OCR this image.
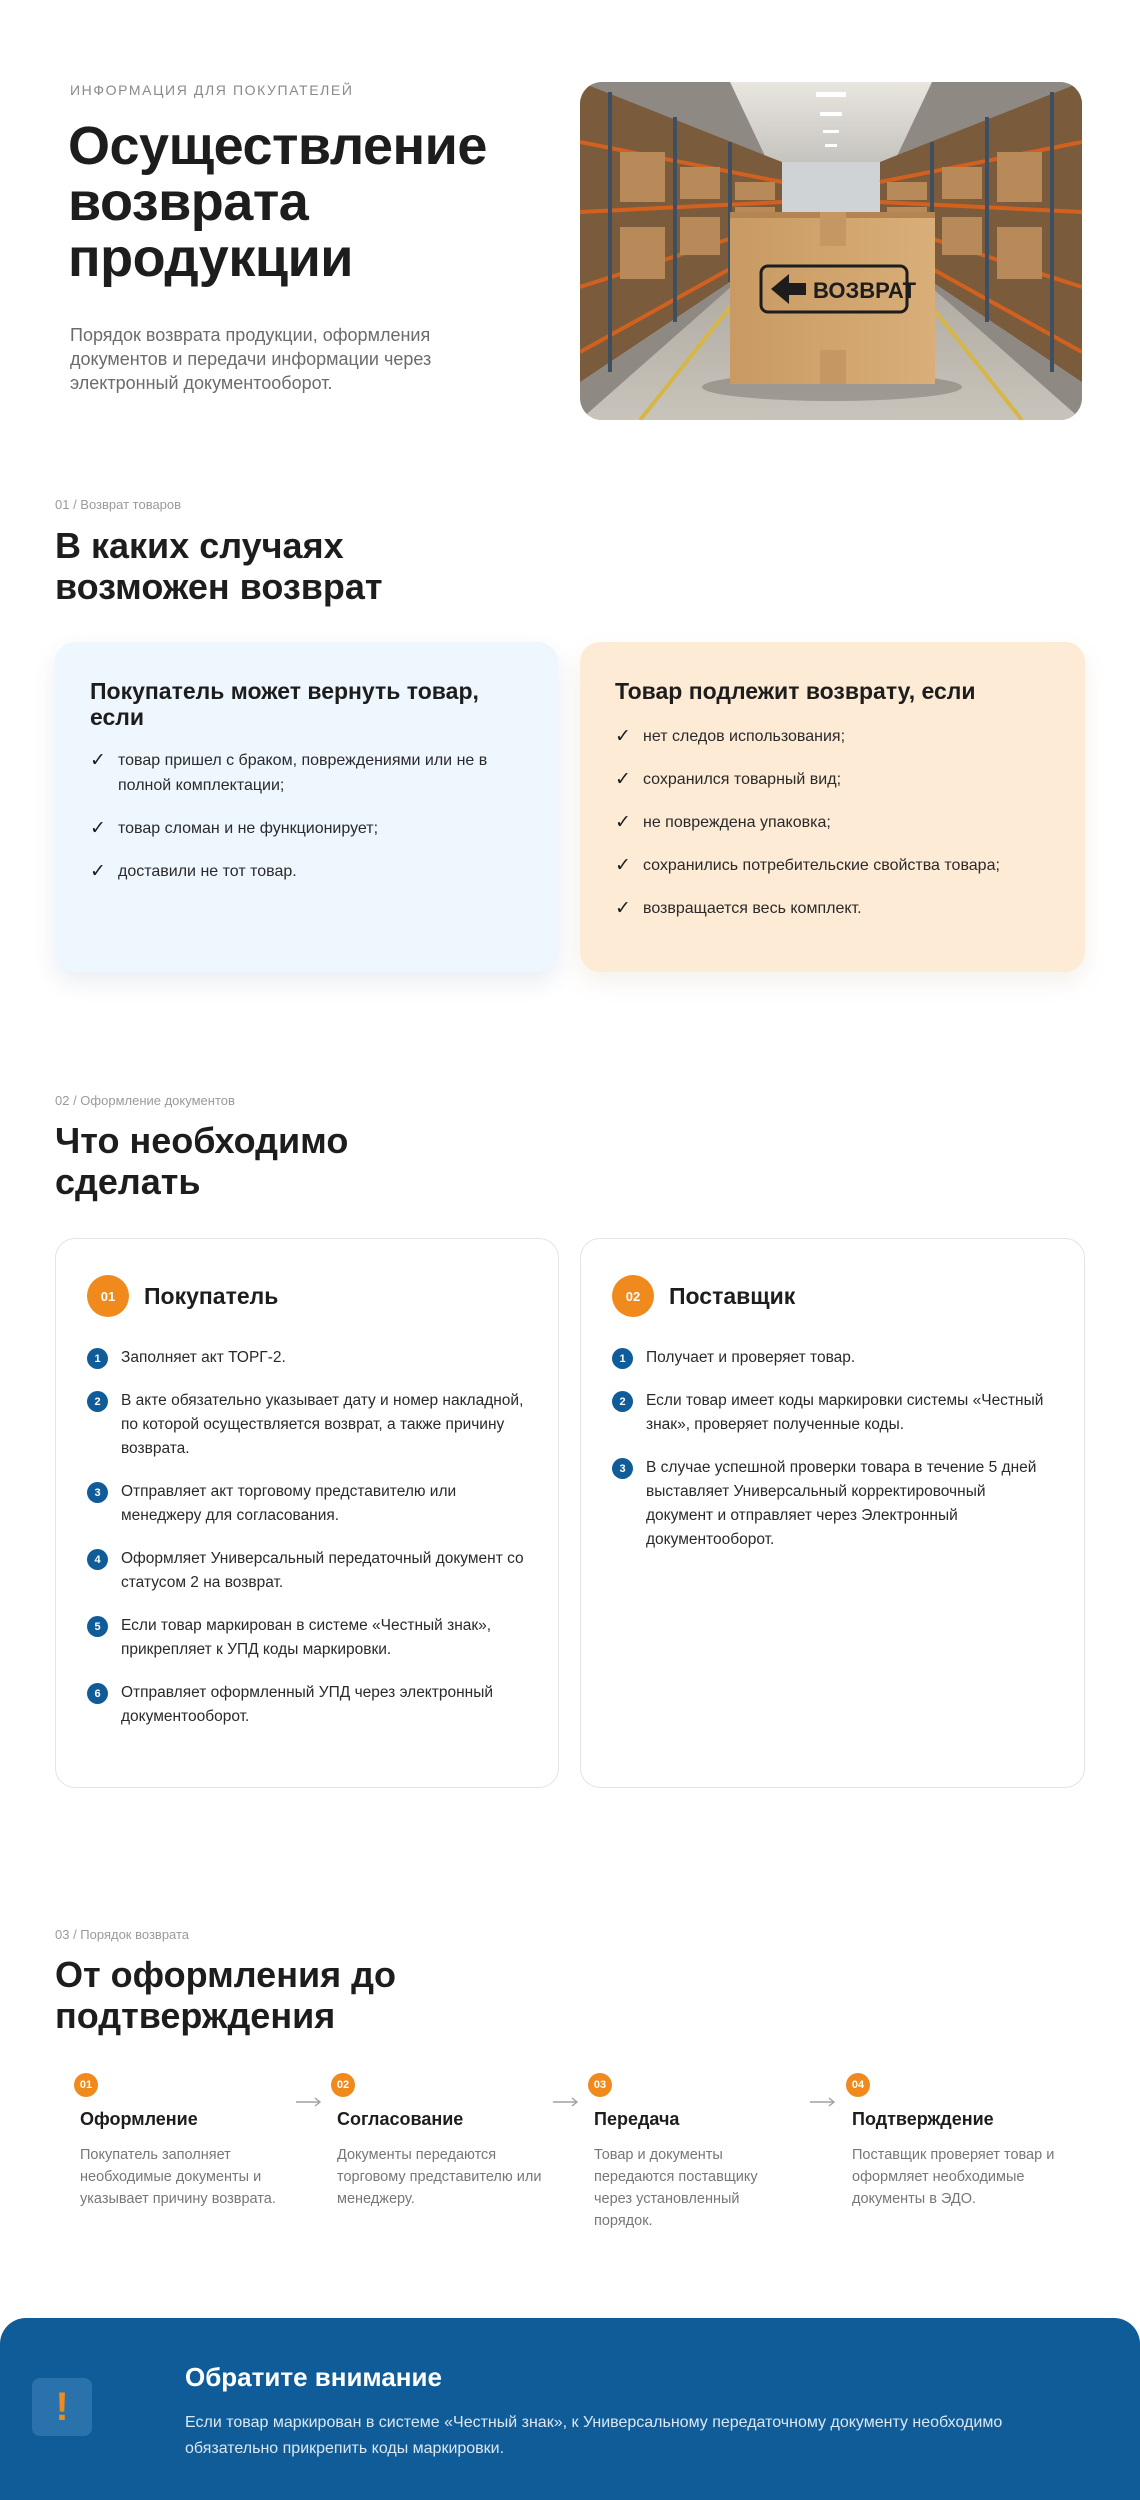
ИНФОРМАЦИЯ ДЛЯ ПОКУПАТЕЛЕЙ
Осуществление возврата продукции

Порядок возврата продукции, оформления документов и передачи информации через электронный документооборот.

ВОЗВРАТ
01 / Возврат товаров
В каких случаях возможен возврат
Покупатель может вернуть товар, если
✓ товар пришел с браком, повреждениями или не в полной комплектации;
✓ товар сломан и не функционирует;
✓ доставили не тот товар.
Товар подлежит возврату, если
✓ нет следов использования;
✓ сохранился товарный вид;
✓ не повреждена упаковка;
✓ сохранились потребительские свойства товара;
✓ возвращается весь комплект.
02 / Оформление документов
Что необходимо сделать
01	Покупатель
1	Заполняет акт ТОРГ-2.
2	В акте обязательно указывает дату и номер накладной, по которой осуществляется возврат, а также причину возврата.
3	Отправляет акт торговому представителю или менеджеру для согласования.
4	Оформляет Универсальный передаточный документ со статусом 2 на возврат.
5	Если товар маркирован в системе «Честный знак», прикрепляет к УПД коды маркировки.
6	Отправляет оформленный УПД через электронный документооборот.
02	Поставщик
1	Получает и проверяет товар.
2	Если товар имеет коды маркировки системы «Честный знак», проверяет полученные коды.
3	В случае успешной проверки товара в течение 5 дней выставляет Универсальный корректировочный документ и отправляет через Электронный документооборот.
03 / Порядок возврата
От оформления до подтверждения
01
Оформление
Покупатель заполняет необходимые документы и указывает причину возврата.
02
Согласование
Документы передаются торговому представителю или менеджеру.
03
Передача
Товар и документы передаются поставщику через установленный порядок.
04
Подтверждение
Поставщик проверяет товар и оформляет необходимые документы в ЭДО.
!
Обратите внимание
Если товар маркирован в системе «Честный знак», к Универсальному передаточному документу необходимо обязательно прикрепить коды маркировки.
